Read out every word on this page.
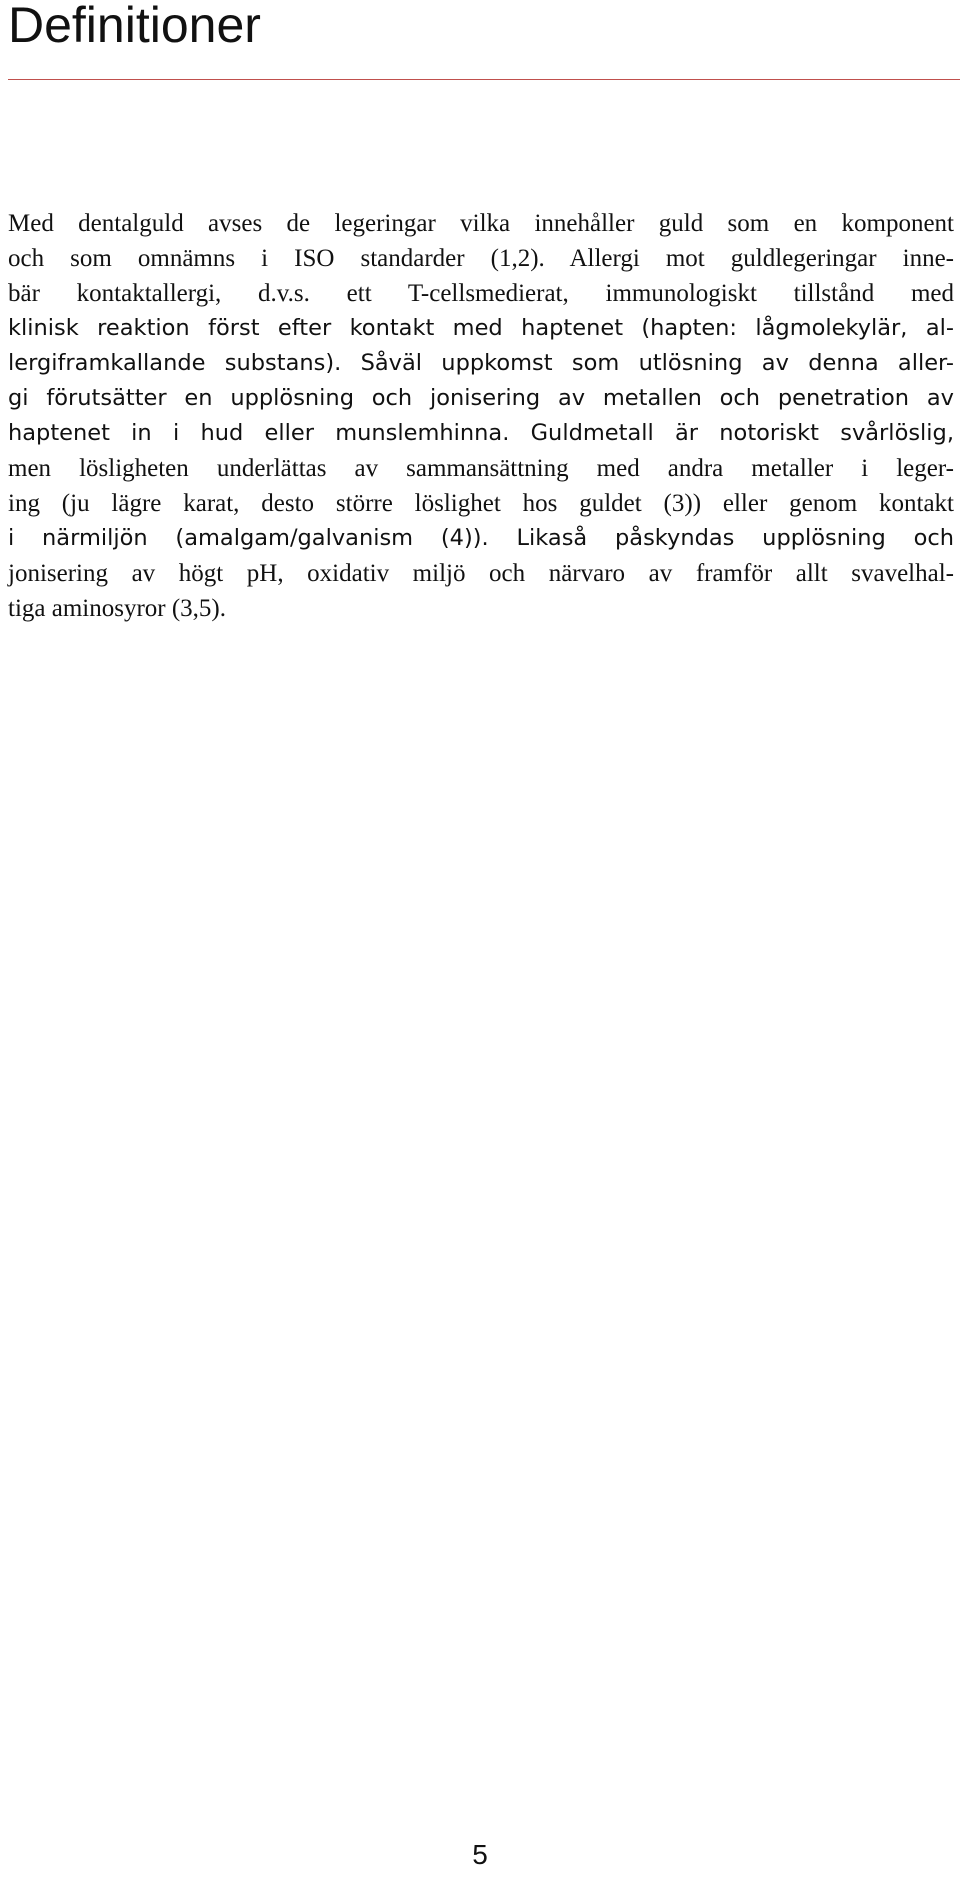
Definitioner
Med dentalguld avses de legeringar vilka innehåller guld som en komponent
och som omnämns i ISO standarder (1,2). Allergi mot guldlegeringar inne-
bär kontaktallergi, d.v.s. ett T-cellsmedierat, immunologiskt tillstånd med
klinisk reaktion först efter kontakt med haptenet (hapten: lågmolekylär, al-
lergiframkallande substans). Såväl uppkomst som utlösning av denna aller-
gi förutsätter en upplösning och jonisering av metallen och penetration av
haptenet in i hud eller munslemhinna. Guldmetall är notoriskt svårlöslig,
men lösligheten underlättas av sammansättning med andra metaller i leger-
ing (ju lägre karat, desto större löslighet hos guldet (3)) eller genom kontakt
i närmiljön (amalgam/galvanism (4)). Likaså påskyndas upplösning och
jonisering av högt pH, oxidativ miljö och närvaro av framför allt svavelhal-
tiga aminosyror (3,5).
5
